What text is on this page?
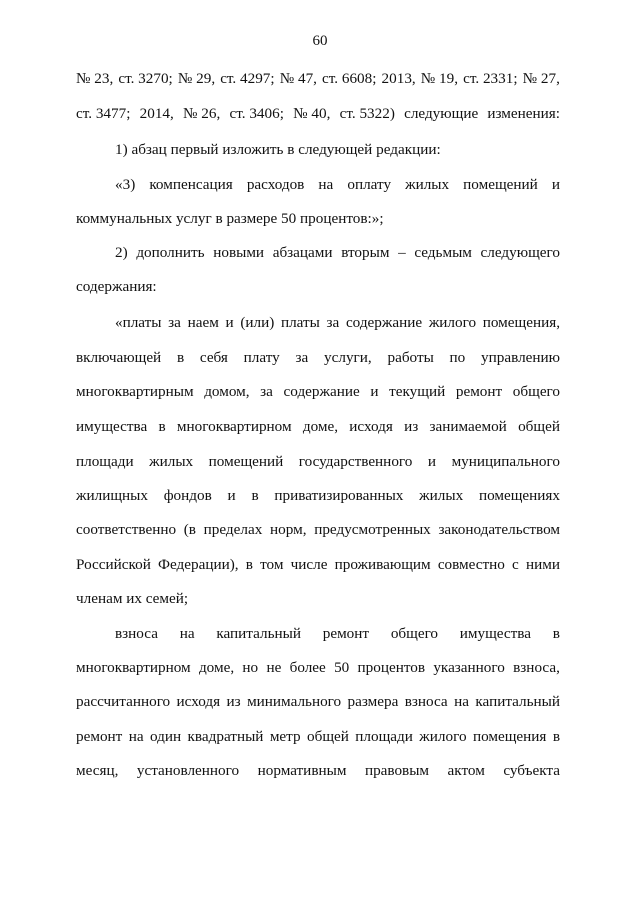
60
№ 23, ст. 3270; № 29, ст. 4297; № 47, ст. 6608; 2013, № 19, ст. 2331; № 27,
ст. 3477; 2014, № 26, ст. 3406; № 40, ст. 5322) следующие изменения:
1) абзац первый изложить в следующей редакции:
«3) компенсация расходов на оплату жилых помещений и
коммунальных услуг в размере 50 процентов:»;
2) дополнить новыми абзацами вторым – седьмым следующего
содержания:
«платы за наем и (или) платы за содержание жилого помещения,
включающей в себя плату за услуги, работы по управлению
многоквартирным домом, за содержание и текущий ремонт общего
имущества в многоквартирном доме, исходя из занимаемой общей
площади жилых помещений государственного и муниципального
жилищных фондов и в приватизированных жилых помещениях
соответственно (в пределах норм, предусмотренных законодательством
Российской Федерации), в том числе проживающим совместно с ними
членам их семей;
взноса на капитальный ремонт общего имущества в
многоквартирном доме, но не более 50 процентов указанного взноса,
рассчитанного исходя из минимального размера взноса на капитальный
ремонт на один квадратный метр общей площади жилого помещения в
месяц, установленного нормативным правовым актом субъекта
